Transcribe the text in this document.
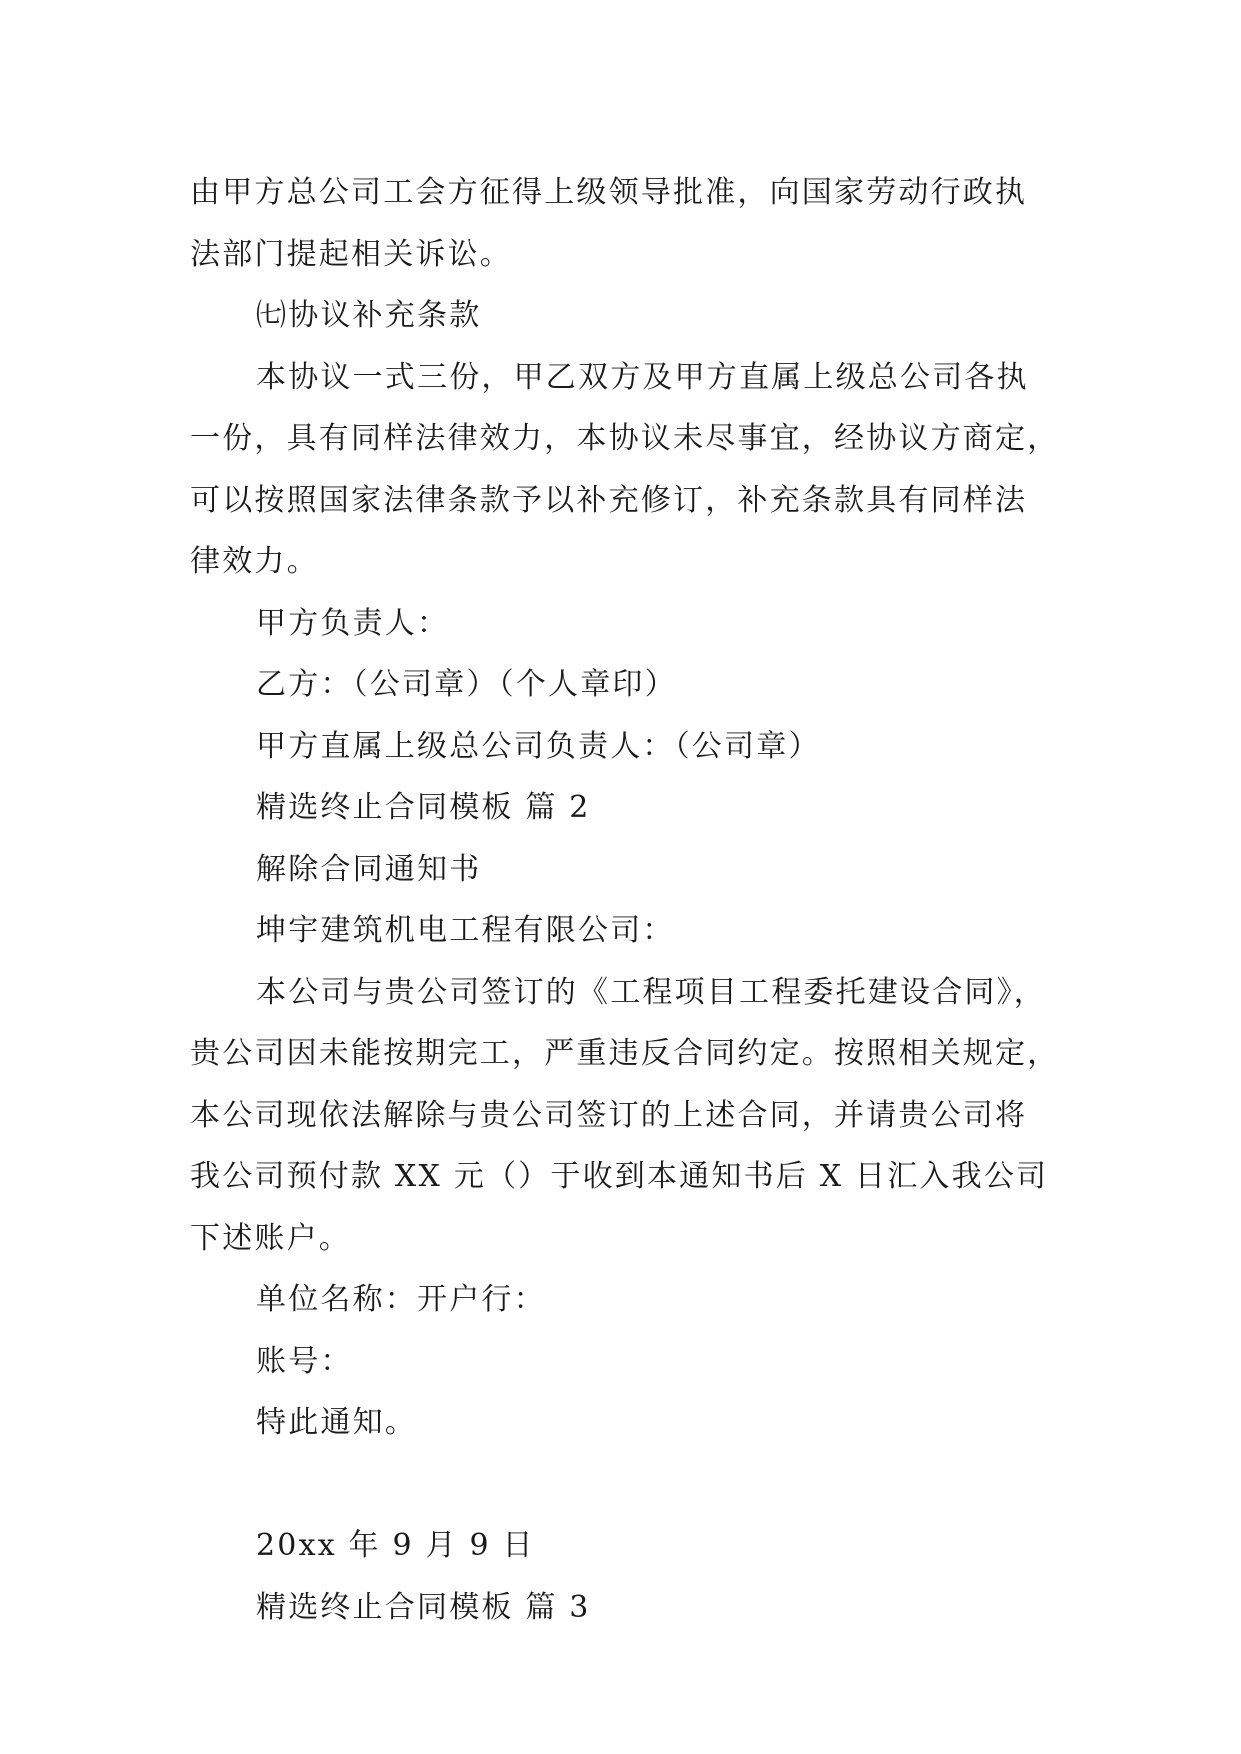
由甲方总公司工会方征得上级领导批准，向国家劳动行政执
法部门提起相关诉讼。
㈦协议补充条款
本协议一式三份，甲乙双方及甲方直属上级总公司各执
一份，具有同样法律效力，本协议未尽事宜，经协议方商定，
可以按照国家法律条款予以补充修订，补充条款具有同样法
律效力。
甲方负责人：
乙方：（公司章）（个人章印）
甲方直属上级总公司负责人：（公司章）
精选终止合同模板 篇 2
解除合同通知书
坤宇建筑机电工程有限公司：
本公司与贵公司签订的《工程项目工程委托建设合同》，
贵公司因未能按期完工，严重违反合同约定。按照相关规定，
本公司现依法解除与贵公司签订的上述合同，并请贵公司将
我公司预付款 XX 元（）于收到本通知书后 X 日汇入我公司
下述账户。
单位名称：开户行：
账号：
特此通知。
20xx 年 9 月 9 日
精选终止合同模板 篇 3
